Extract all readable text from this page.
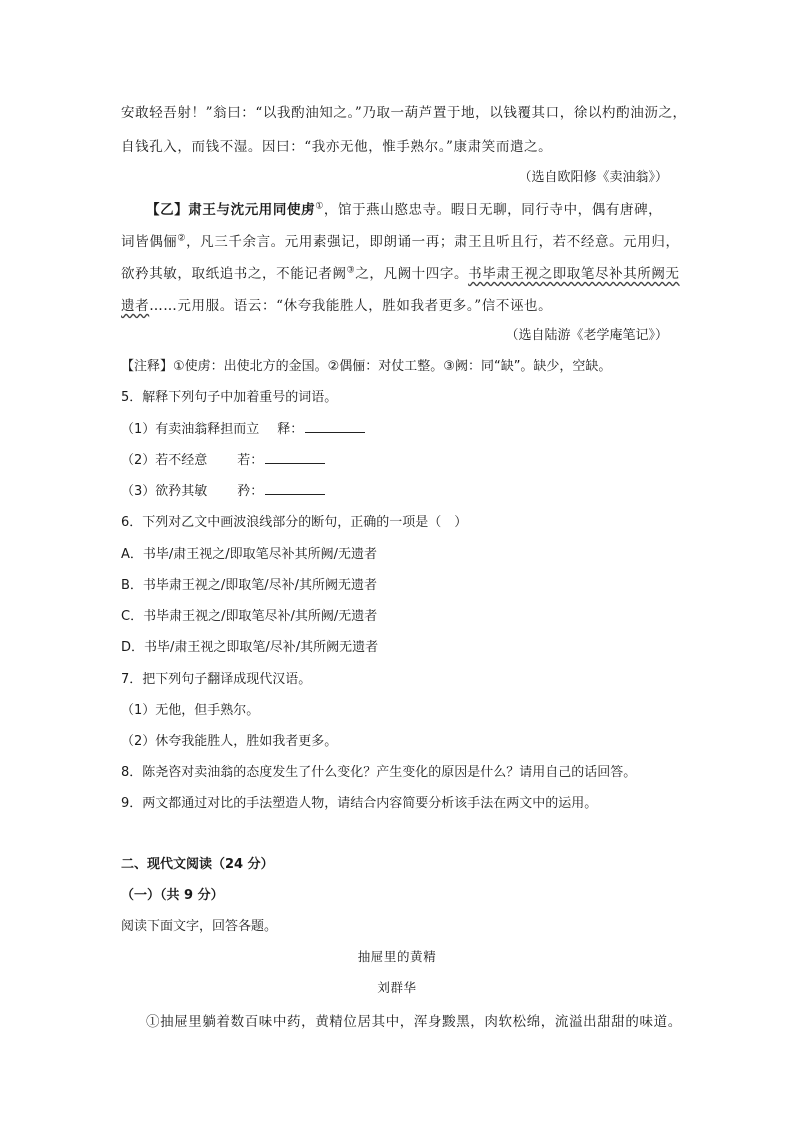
安敢轻吾射！”翁曰：“以我酌油知之。”乃取一葫芦置于地，以钱覆其口，徐以杓酌油沥之，
自钱孔入，而钱不湿。因曰：“我亦无他，惟手熟尔。”康肃笑而遣之。
（选自欧阳修《卖油翁》）
【乙】肃王与沈元用同使虏①，馆于燕山愍忠寺。暇日无聊，同行寺中，偶有唐碑，
词皆偶俪②，凡三千余言。元用素强记，即朗诵一再；肃王且听且行，若不经意。元用归，
欲矜其敏，取纸追书之，不能记者阙③之，凡阙十四字。书毕肃王视之即取笔尽补其所阙无
遗者……元用服。语云：“休夸我能胜人，胜如我者更多。”信不诬也。
（选自陆游《老学庵笔记》）
【注释】①使虏：出使北方的金国。②偶俪：对仗工整。③阙：同“缺”。缺少，空缺。
5．解释下列句子中加着重号的词语。
（1）有卖油翁释担而立 释：
（2）若不经意 若：
（3）欲矜其敏 矜：
6．下列对乙文中画波浪线部分的断句，正确的一项是（　）
A．书毕/肃王视之/即取笔尽补其所阙/无遗者
B．书毕肃王视之/即取笔/尽补/其所阙无遗者
C．书毕肃王视之/即取笔尽补/其所阙/无遗者
D．书毕/肃王视之即取笔/尽补/其所阙无遗者
7．把下列句子翻译成现代汉语。
（1）无他，但手熟尔。
（2）休夸我能胜人，胜如我者更多。
8．陈尧咨对卖油翁的态度发生了什么变化？产生变化的原因是什么？请用自己的话回答。
9．两文都通过对比的手法塑造人物，请结合内容简要分析该手法在两文中的运用。
二、现代文阅读（24 分）
（一）（共 9 分）
阅读下面文字，回答各题。
抽屉里的黄精
刘群华
①抽屉里躺着数百味中药，黄精位居其中，浑身黢黑，肉软松绵，流溢出甜甜的味道。
